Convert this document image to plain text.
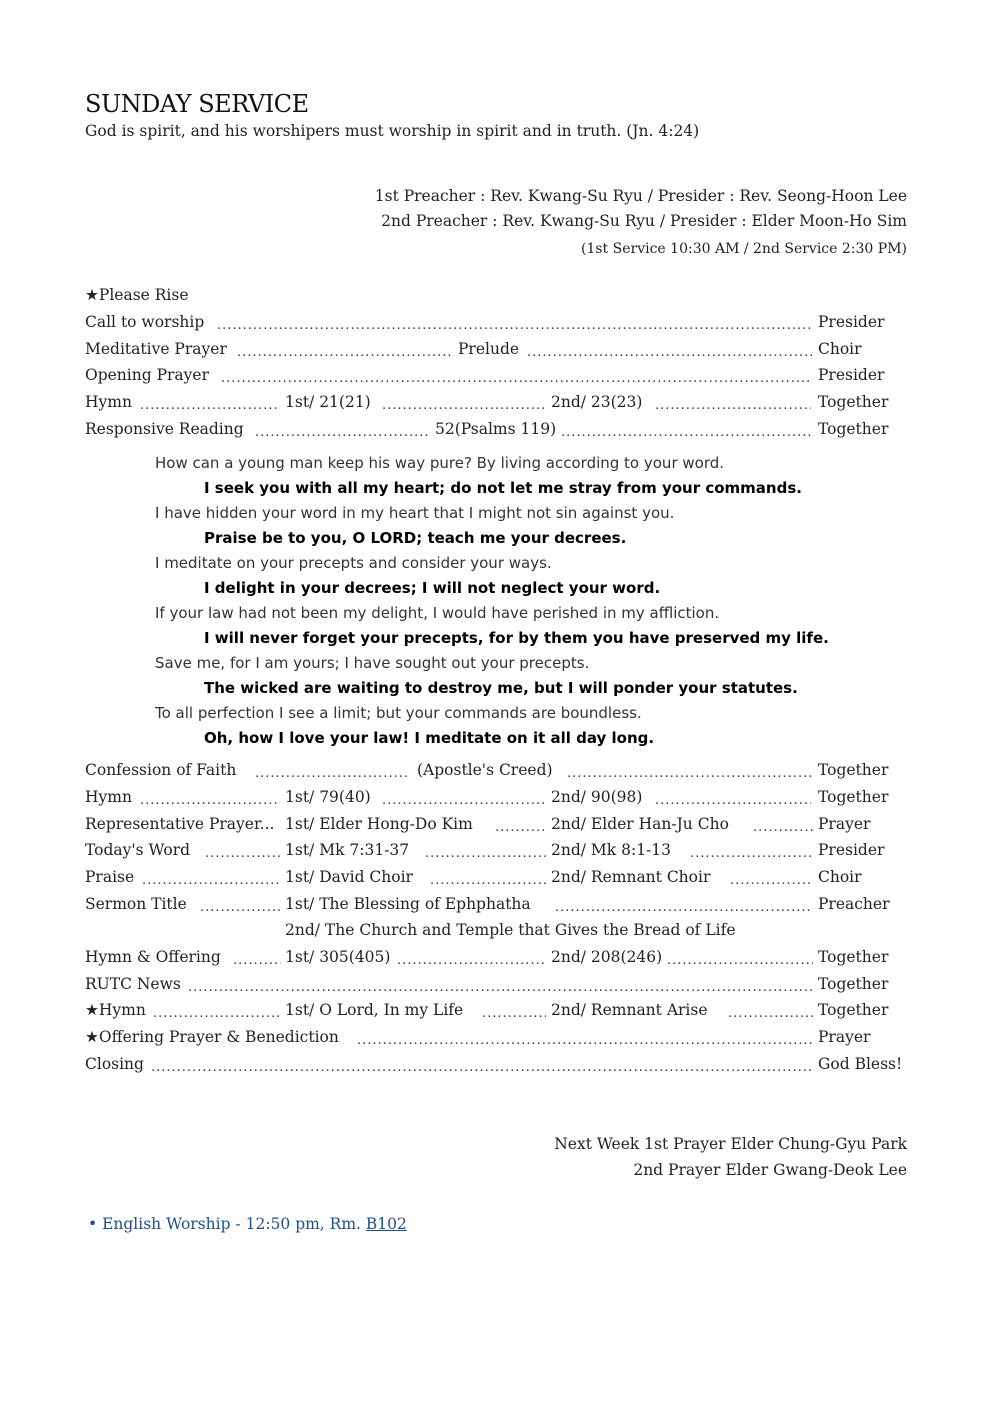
SUNDAY SERVICE
God is spirit, and his worshipers must worship in spirit and in truth. (Jn. 4:24)
1st Preacher : Rev. Kwang-Su Ryu / Presider : Rev. Seong-Hoon Lee
2nd Preacher : Rev. Kwang-Su Ryu / Presider : Elder Moon-Ho Sim
(1st Service 10:30 AM / 2nd Service 2:30 PM)
★Please Rise
.....
Call to worship	Presider
.....
.....
Meditative Prayer	Prelude	Choir
.....
Opening Prayer	Presider
.....
.....
.....
Hymn	1st/ 21(21)	2nd/ 23(23)	Together
.....
.....
Responsive Reading	52(Psalms 119)	Together
.....
.....
Confession of Faith	(Apostle's Creed)	Together
.....
.....
.....
Hymn	1st/ 79(40)	2nd/ 90(98)	Together
.....
.....
Representative Prayer... 1st/ Elder Hong-Do Kim	2nd/ Elder Han-Ju Cho	Prayer
.....
.....
.....
Today's Word	1st/ Mk 7:31-37	2nd/ Mk 8:1-13	Presider
.....
.....
.....
Praise	1st/ David Choir	2nd/ Remnant Choir	Choir
.....
.....
Sermon Title	1st/ The Blessing of Ephphatha	Preacher
2nd/ The Church and Temple that Gives the Bread of Life
.....
.....
.....
Hymn & Offering	1st/ 305(405)	2nd/ 208(246)	Together
.....
RUTC News	Together
.....
.....
.....
★Hymn	1st/ O Lord, In my Life	2nd/ Remnant Arise	Together
.....
★Offering Prayer & Benediction	Prayer
.....
Closing	God Bless!
How can a young man keep his way pure? By living according to your word.
I seek you with all my heart; do not let me stray from your commands.
I have hidden your word in my heart that I might not sin against you.
Praise be to you, O LORD; teach me your decrees.
I meditate on your precepts and consider your ways.
I delight in your decrees; I will not neglect your word.
If your law had not been my delight, I would have perished in my affliction.
I will never forget your precepts, for by them you have preserved my life.
Save me, for I am yours; I have sought out your precepts.
The wicked are waiting to destroy me, but I will ponder your statutes.
To all perfection I see a limit; but your commands are boundless.
Oh, how I love your law! I meditate on it all day long.
Next Week 1st Prayer Elder Chung-Gyu Park
2nd Prayer Elder Gwang-Deok Lee
• English Worship - 12:50 pm, Rm. B102
